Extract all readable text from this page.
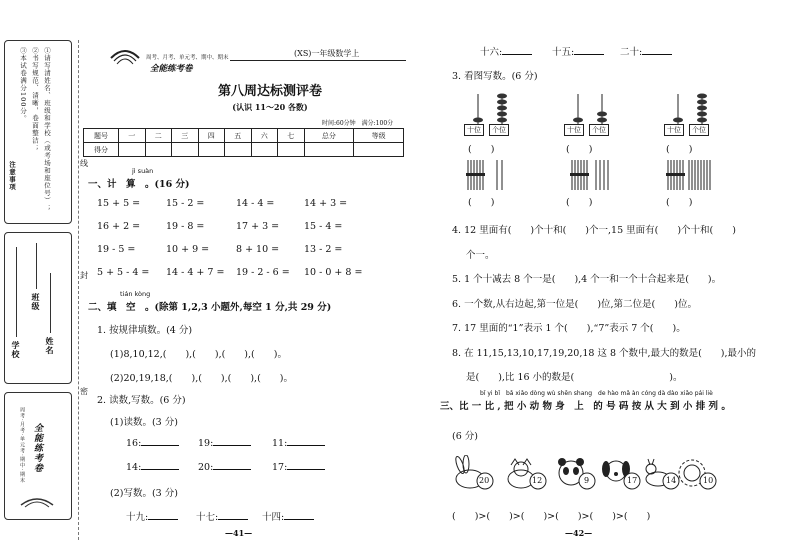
注意事项
③本试卷满分100分。 ②书写规范、清晰，卷面整洁； ①请写清姓名、班级和学校（或考场和座位号）；
学校
班级
姓名
全能练考卷
周考·月考·单元考·期中·期末
线
封
密
周考、月考、单元考、期中、期末
全能练考卷
(XS)一年级数学上
第八周达标测评卷
(认识 11～20 各数)
时间:60分钟　满分:100分
题号	一	二	三	四	五	六	七	总分	等级
得分									
jì suàn
一、计　算　。(16 分)
15 + 5 =	15 - 2 =	14 - 4 =	14 + 3 =
16 + 2 =	19 - 8 =	17 + 3 =	15 - 4 =
19 - 5 =	10 + 9 =	8 + 10 =	13 - 2 =
5 + 5 - 4 = 14 - 4 + 7 = 19 - 2 - 6 = 10 - 0 + 8 =
tián kòng
二、填　空　。(除第 1,2,3 小题外,每空 1 分,共 29 分)
1. 按规律填数。(4 分)
(1)8,10,12,(　　),(　　),(　　),(　　)。
(2)20,19,18,(　　),(　　),(　　),(　　)。
2. 读数,写数。(6 分)
(1)读数。(3 分)
16:	19:	11:
14:	20:	17:
(2)写数。(3 分)
十九:	十七:	十四:
—41—
十六:	十五:	二十:
3. 看图写数。(6 分)
十位	个位
(　　)
十位	个位
(　　)
十位	个位
(　　)
(　　)	(　　)	(　　)
4. 12 里面有(　　)个十和(　　)个一,15 里面有(　　)个十和(　　)
个一。
5. 1 个十减去 8 个一是(　　),4 个一和一个十合起来是(　　)。
6. 一个数,从右边起,第一位是(　　)位,第二位是(　　)位。
7. 17 里面的“1”表示 1 个(　　),“7”表示 7 个(　　)。
8. 在 11,15,13,10,17,19,20,18 这 8 个数中,最大的数是(　　),最小的
是(　　),比 16 小的数是(　　　　　　　　　　)。
bǐ yi bǐ　bǎ xiǎo dòng wù shēn shang　de hào mǎ àn cóng dà dào xiǎo pái liè
三、比 一 比 , 把 小 动 物 身　上　的 号 码 按 从 大 到 小 排 列 。
(6 分)
20	12	9	17	14	10
(　　)>(　　)>(　　)>(　　)>(　　)>(　　)
—42—
